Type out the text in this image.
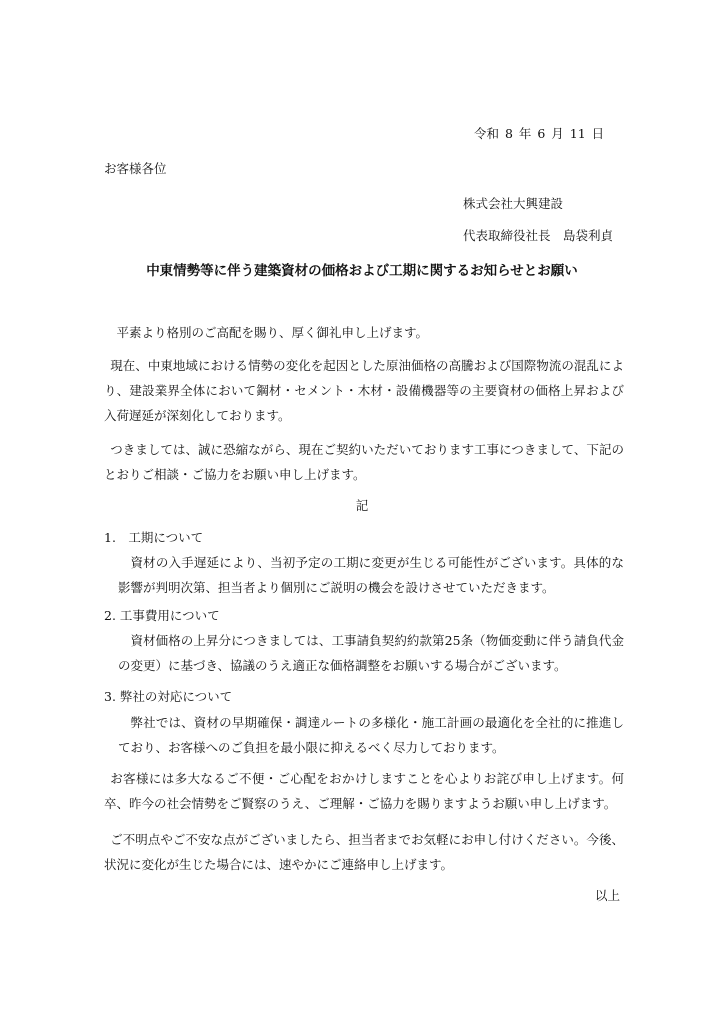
令和 8 年 6 月 11 日
お客様各位
株式会社大興建設
代表取締役社長　島袋利貞
中東情勢等に伴う建築資材の価格および工期に関するお知らせとお願い
平素より格別のご高配を賜り、厚く御礼申し上げます。
現在、中東地域における情勢の変化を起因とした原油価格の高騰および国際物流の混乱により、建設業界全体において鋼材・セメント・木材・設備機器等の主要資材の価格上昇および入荷遅延が深刻化しております。
つきましては、誠に恐縮ながら、現在ご契約いただいております工事につきまして、下記のとおりご相談・ご協力をお願い申し上げます。
記
1.　工期について
資材の入手遅延により、当初予定の工期に変更が生じる可能性がございます。具体的な影響が判明次第、担当者より個別にご説明の機会を設けさせていただきます。
2. 工事費用について
資材価格の上昇分につきましては、工事請負契約約款第25条（物価変動に伴う請負代金の変更）に基づき、協議のうえ適正な価格調整をお願いする場合がございます。
3. 弊社の対応について
弊社では、資材の早期確保・調達ルートの多様化・施工計画の最適化を全社的に推進しており、お客様へのご負担を最小限に抑えるべく尽力しております。
お客様には多大なるご不便・ご心配をおかけしますことを心よりお詫び申し上げます。何卒、昨今の社会情勢をご賢察のうえ、ご理解・ご協力を賜りますようお願い申し上げます。
ご不明点やご不安な点がございましたら、担当者までお気軽にお申し付けください。今後、状況に変化が生じた場合には、速やかにご連絡申し上げます。
以上
